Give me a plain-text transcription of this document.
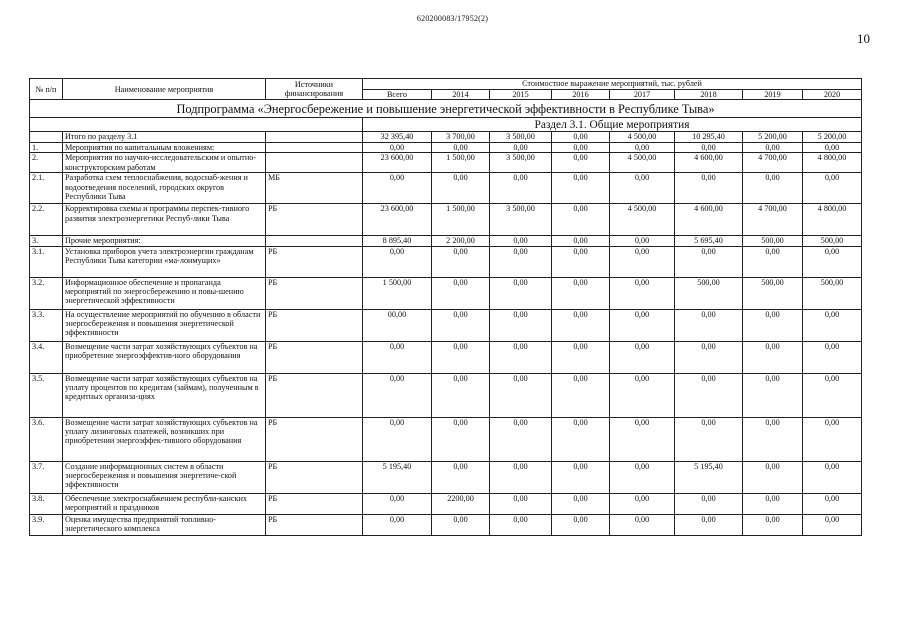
620200083/17952(2)
10
№ п/п	Наименование мероприятия	Источники финансирования	Стоимостное выражение мероприятий, тыс. рублей							
			Всего	2014	2015	2016	2017	2018	2019	2020
Подпрограмма «Энергосбережение и повышение энергетической эффективности в Республике Тыва»										
			Раздел 3.1. Общие мероприятия							
	Итого по разделу 3.1		32 395,40	3 700,00	3 500,00	0,00	4 500,00	10 295,40	5 200,00	5 200,00
1.	Мероприятия по капитальным вложениям:		0,00	0,00	0,00	0,00	0,00	0,00	0,00	0,00
2.	Мероприятия по научно-исследовательским и опытно-конструкторским работам		23 600,00	1 500,00	3 500,00	0,00	4 500,00	4 600,00	4 700,00	4 800,00
2.1.	Разработка схем теплоснабжения, водоснаб-жения и водоотведения поселений, городских округов Республики Тыва	МБ	0,00	0,00	0,00	0,00	0,00	0,00	0,00	0,00
2.2.	Корректировка схемы и программы перспек-тивного развития электроэнергетики Респуб-лики Тыва	РБ	23 600,00	1 500,00	3 500,00	0,00	4 500,00	4 600,00	4 700,00	4 800,00
3.	Прочие мероприятия:		8 895,40	2 200,00	0,00	0,00	0,00	5 695,40	500,00	500,00
3.1.	Установка приборов учета электроэнергии гражданам Республики Тыва категории «ма-лоимущих»	РБ	0,00	0,00	0,00	0,00	0,00	0,00	0,00	0,00
3.2.	Информационное обеспечение и пропаганда мероприятий по энергосбережению и повы-шению энергетической эффективности	РБ	1 500,00	0,00	0,00	0,00	0,00	500,00	500,00	500,00
3.3.	На осуществление мероприятий по обучению в области энергосбережения и повышения энергетической эффективности	РБ	00,00	0,00	0,00	0,00	0,00	0,00	0,00	0,00
3.4.	Возмещение части затрат хозяйствующих субъектов на приобретение энергоэффектив-ного оборудования	РБ	0,00	0,00	0,00	0,00	0,00	0,00	0,00	0,00
3.5.	Возмещение части затрат хозяйствующих субъектов на уплату процентов по кредитам (займам), полученным в кредитных организа-циях	РБ	0,00	0,00	0,00	0,00	0,00	0,00	0,00	0,00
3.6.	Возмещение части затрат хозяйствующих субъектов на уплату лизинговых платежей, возникших при приобретении энергоэффек-тивного оборудования	РБ	0,00	0,00	0,00	0,00	0,00	0,00	0,00	0,00
3.7.	Создание информационных систем в области энергосбережения и повышения энергетиче-ской эффективности	РБ	5 195,40	0,00	0,00	0,00	0,00	5 195,40	0,00	0,00
3.8.	Обеспечение электроснабжением республи-канских мероприятий и праздников	РБ	0,00	2200,00	0,00	0,00	0,00	0,00	0,00	0,00
3.9.	Оценка имущества предприятий топливно-энергетического комплекса	РБ	0,00	0,00	0,00	0,00	0,00	0,00	0,00	0,00
